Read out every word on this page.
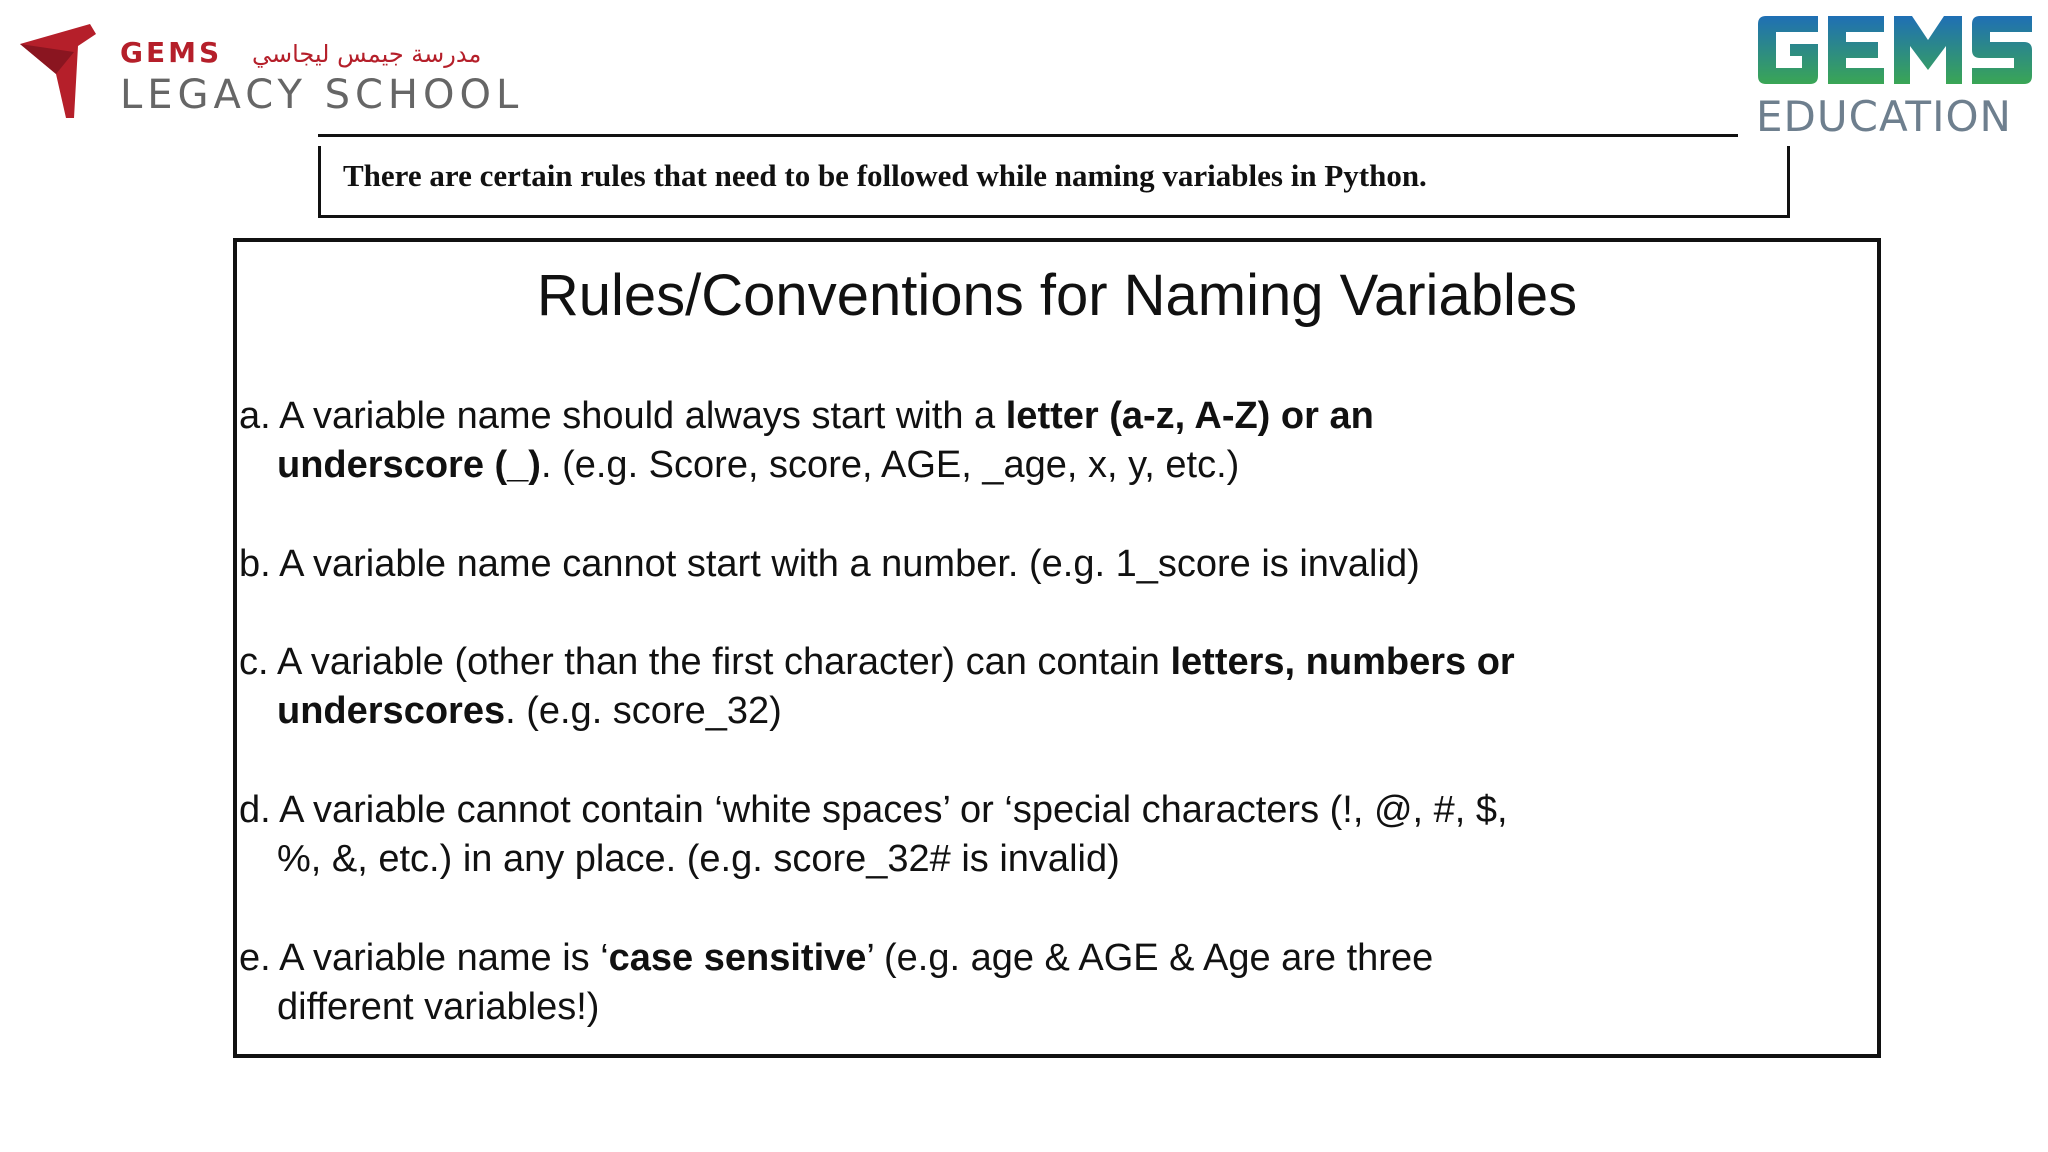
GEMS مدرسة جيمس ليجاسي
LEGACY SCHOOL	EDUCATION
There are certain rules that need to be followed while naming variables in Python.
Rules/Conventions for Naming Variables
a. A variable name should always start with a letter (a-z, A-Z) or an
underscore (_). (e.g. Score, score, AGE, _age, x, y, etc.)
b. A variable name cannot start with a number. (e.g. 1_score is invalid)
c. A variable (other than the first character) can contain letters, numbers or
underscores. (e.g. score_32)
d. A variable cannot contain ‘white spaces’ or ‘special characters (!, @, #, $,
%, &, etc.) in any place. (e.g. score_32# is invalid)
e. A variable name is ‘case sensitive’ (e.g. age & AGE & Age are three
different variables!)
